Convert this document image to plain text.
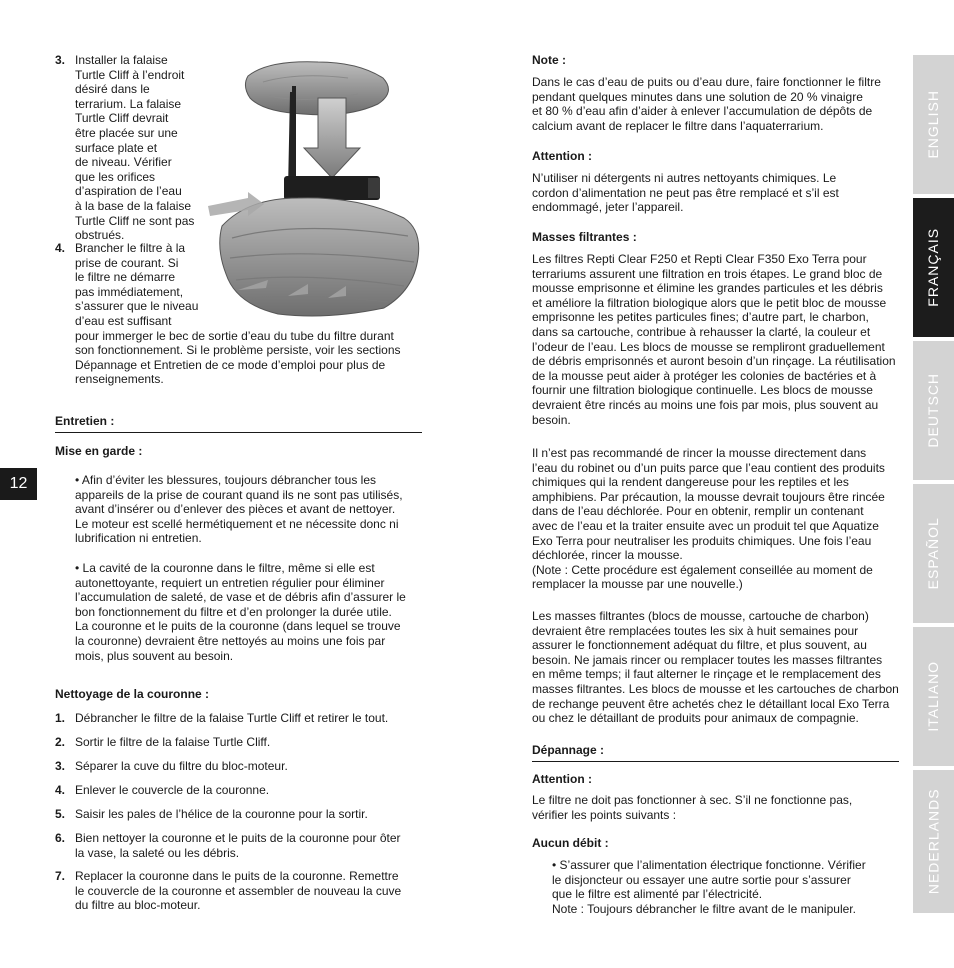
3. Installer la falaise
Turtle Cliff à l’endroit
désiré dans le
terrarium. La falaise
Turtle Cliff devrait
être placée sur une
surface plate et
de niveau. Vérifier
que les orifices
d’aspiration de l’eau
à la base de la falaise
Turtle Cliff ne sont pas
obstrués.
4. Brancher le filtre à la
prise de courant. Si
le filtre ne démarre
pas immédiatement,
s’assurer que le niveau
d’eau est suffisant
pour immerger le bec de sortie d’eau du tube du filtre durant
son fonctionnement. Si le problème persiste, voir les sections
Dépannage et Entretien de ce mode d’emploi pour plus de
renseignements.
Entretien :
Mise en garde :
• Afin d’éviter les blessures, toujours débrancher tous les
appareils de la prise de courant quand ils ne sont pas utilisés,
avant d’insérer ou d’enlever des pièces et avant de nettoyer.
Le moteur est scellé hermétiquement et ne nécessite donc ni
lubrification ni entretien.
• La cavité de la couronne dans le filtre, même si elle est
autonettoyante, requiert un entretien régulier pour éliminer
l’accumulation de saleté, de vase et de débris afin d’assurer le
bon fonctionnement du filtre et d’en prolonger la durée utile.
La couronne et le puits de la couronne (dans lequel se trouve
la couronne) devraient être nettoyés au moins une fois par
mois, plus souvent au besoin.
Nettoyage de la couronne :
1. Débrancher le filtre de la falaise Turtle Cliff et retirer le tout.
2. Sortir le filtre de la falaise Turtle Cliff.
3. Séparer la cuve du filtre du bloc-moteur.
4. Enlever le couvercle de la couronne.
5. Saisir les pales de l’hélice de la couronne pour la sortir.
6. Bien nettoyer la couronne et le puits de la couronne pour ôter
la vase, la saleté ou les débris.
7. Replacer la couronne dans le puits de la couronne. Remettre
le couvercle de la couronne et assembler de nouveau la cuve
du filtre au bloc-moteur.
Note :
Dans le cas d’eau de puits ou d’eau dure, faire fonctionner le filtre
pendant quelques minutes dans une solution de 20 % vinaigre
et 80 % d’eau afin d’aider à enlever l’accumulation de dépôts de
calcium avant de replacer le filtre dans l’aquaterrarium.
Attention :
N’utiliser ni détergents ni autres nettoyants chimiques. Le
cordon d’alimentation ne peut pas être remplacé et s’il est
endommagé, jeter l’appareil.
Masses filtrantes :
Les filtres Repti Clear F250 et Repti Clear F350 Exo Terra pour
terrariums assurent une filtration en trois étapes. Le grand bloc de
mousse emprisonne et élimine les grandes particules et les débris
et améliore la filtration biologique alors que le petit bloc de mousse
emprisonne les petites particules fines; d’autre part, le charbon,
dans sa cartouche, contribue à rehausser la clarté, la couleur et
l’odeur de l’eau. Les blocs de mousse se rempliront graduellement
de débris emprisonnés et auront besoin d’un rinçage. La réutilisation
de la mousse peut aider à protéger les colonies de bactéries et à
fournir une filtration biologique continuelle. Les blocs de mousse
devraient être rincés au moins une fois par mois, plus souvent au
besoin.
Il n’est pas recommandé de rincer la mousse directement dans
l’eau du robinet ou d’un puits parce que l’eau contient des produits
chimiques qui la rendent dangereuse pour les reptiles et les
amphibiens. Par précaution, la mousse devrait toujours être rincée
dans de l’eau déchlorée. Pour en obtenir, remplir un contenant
avec de l’eau et la traiter ensuite avec un produit tel que Aquatize
Exo Terra pour neutraliser les produits chimiques. Une fois l’eau
déchlorée, rincer la mousse.
(Note : Cette procédure est également conseillée au moment de
remplacer la mousse par une nouvelle.)
Les masses filtrantes (blocs de mousse, cartouche de charbon)
devraient être remplacées toutes les six à huit semaines pour
assurer le fonctionnement adéquat du filtre, et plus souvent, au
besoin. Ne jamais rincer ou remplacer toutes les masses filtrantes
en même temps; il faut alterner le rinçage et le remplacement des
masses filtrantes. Les blocs de mousse et les cartouches de charbon
de rechange peuvent être achetés chez le détaillant local Exo Terra
ou chez le détaillant de produits pour animaux de compagnie.
Dépannage :
Attention :
Le filtre ne doit pas fonctionner à sec. S’il ne fonctionne pas,
vérifier les points suivants :
Aucun débit :
• S’assurer que l’alimentation électrique fonctionne. Vérifier
le disjoncteur ou essayer une autre sortie pour s’assurer
que le filtre est alimenté par l’électricité.
Note : Toujours débrancher le filtre avant de le manipuler.
12
ENGLISH
FRANÇAIS
DEUTSCH
ESPAÑOL
ITALIANO
NEDERLANDS
